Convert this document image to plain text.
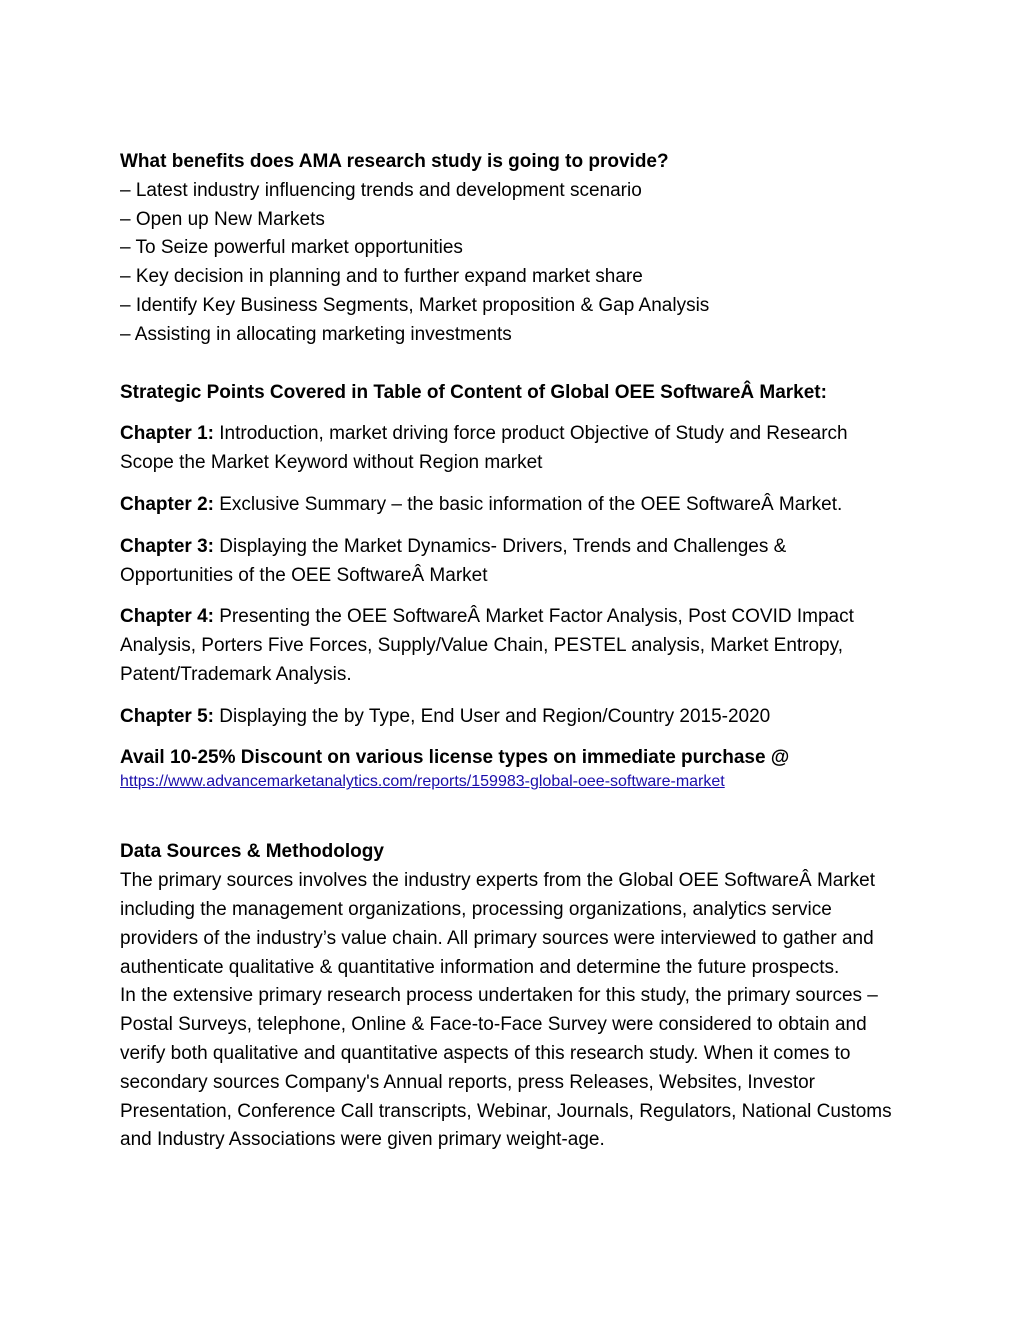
What benefits does AMA research study is going to provide?

– Latest industry influencing trends and development scenario
– Open up New Markets
– To Seize powerful market opportunities
– Key decision in planning and to further expand market share
– Identify Key Business Segments, Market proposition & Gap Analysis
– Assisting in allocating marketing investments

Strategic Points Covered in Table of Content of Global OEE SoftwareÂ Market:

Chapter 1: Introduction, market driving force product Objective of Study and Research Scope the Market Keyword without Region market

Chapter 2: Exclusive Summary – the basic information of the OEE SoftwareÂ Market.

Chapter 3: Displaying the Market Dynamics- Drivers, Trends and Challenges & Opportunities of the OEE SoftwareÂ Market

Chapter 4: Presenting the OEE SoftwareÂ Market Factor Analysis, Post COVID Impact Analysis, Porters Five Forces, Supply/Value Chain, PESTEL analysis, Market Entropy, Patent/Trademark Analysis.

Chapter 5: Displaying the by Type, End User and Region/Country 2015-2020

Avail 10-25% Discount on various license types on immediate purchase @
https://www.advancemarketanalytics.com/reports/159983-global-oee-software-market

Data Sources & Methodology

The primary sources involves the industry experts from the Global OEE SoftwareÂ Market including the management organizations, processing organizations, analytics service providers of the industry’s value chain. All primary sources were interviewed to gather and authenticate qualitative & quantitative information and determine the future prospects.

In the extensive primary research process undertaken for this study, the primary sources – Postal Surveys, telephone, Online & Face-to-Face Survey were considered to obtain and verify both qualitative and quantitative aspects of this research study. When it comes to secondary sources Company's Annual reports, press Releases, Websites, Investor Presentation, Conference Call transcripts, Webinar, Journals, Regulators, National Customs and Industry Associations were given primary weight-age.
